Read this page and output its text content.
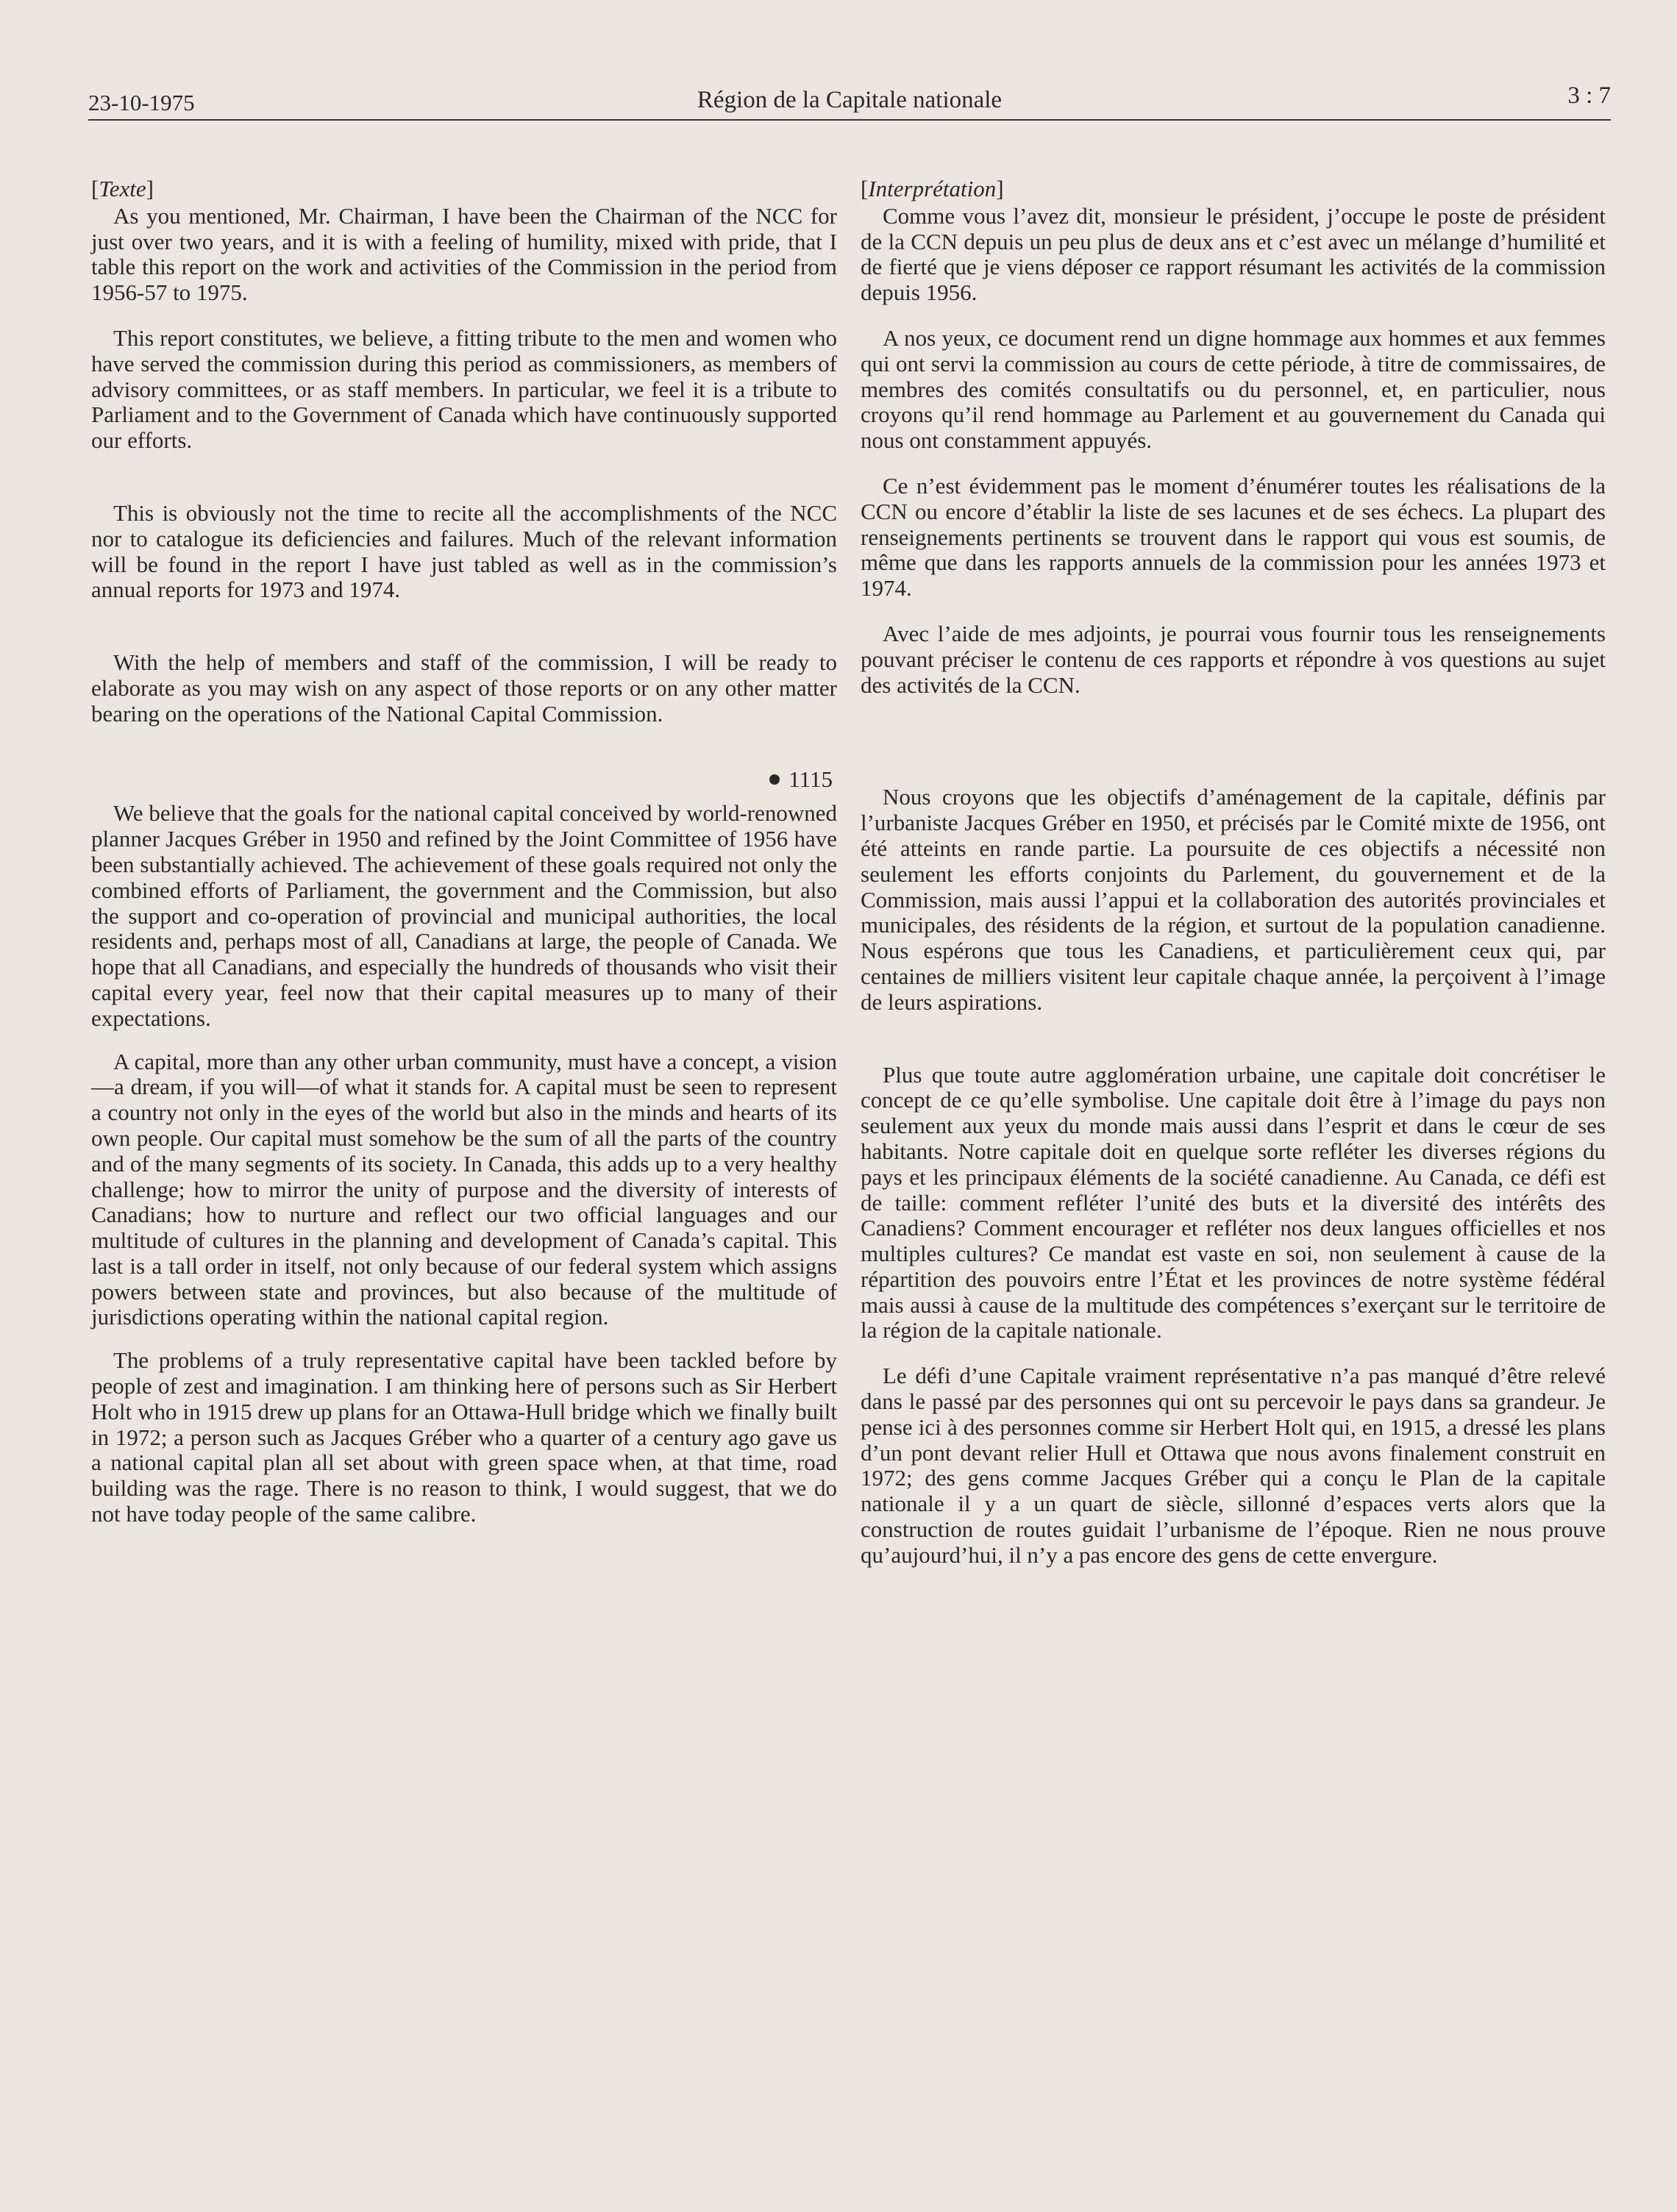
23-10-1975	Région de la Capitale nationale	3 : 7

[Texte]

As you mentioned, Mr. Chairman, I have been the Chairman of the NCC for just over two years, and it is with a feeling of humility, mixed with pride, that I table this report on the work and activities of the Commission in the period from 1956-57 to 1975.

This report constitutes, we believe, a fitting tribute to the men and women who have served the commission during this period as commissioners, as members of advisory committees, or as staff members. In particular, we feel it is a tribute to Parliament and to the Government of Canada which have continuously supported our efforts.

This is obviously not the time to recite all the accomplishments of the NCC nor to catalogue its deficiencies and failures. Much of the relevant information will be found in the report I have just tabled as well as in the commission’s annual reports for 1973 and 1974.

With the help of members and staff of the commission, I will be ready to elaborate as you may wish on any aspect of those reports or on any other matter bearing on the operations of the National Capital Commission.

1115

We believe that the goals for the national capital conceived by world-renowned planner Jacques Gréber in 1950 and refined by the Joint Committee of 1956 have been substantially achieved. The achievement of these goals required not only the combined efforts of Parliament, the government and the Commission, but also the support and co-operation of provincial and municipal authorities, the local residents and, perhaps most of all, Canadians at large, the people of Canada. We hope that all Canadians, and especially the hundreds of thousands who visit their capital every year, feel now that their capital measures up to many of their expectations.

A capital, more than any other urban community, must have a concept, a vision—a dream, if you will—of what it stands for. A capital must be seen to represent a country not only in the eyes of the world but also in the minds and hearts of its own people. Our capital must somehow be the sum of all the parts of the country and of the many segments of its society. In Canada, this adds up to a very healthy challenge; how to mirror the unity of purpose and the diversity of interests of Canadians; how to nurture and reflect our two official languages and our multitude of cultures in the planning and development of Canada’s capital. This last is a tall order in itself, not only because of our federal system which assigns powers between state and provinces, but also because of the multitude of jurisdictions operating within the national capital region.

The problems of a truly representative capital have been tackled before by people of zest and imagination. I am thinking here of persons such as Sir Herbert Holt who in 1915 drew up plans for an Ottawa-Hull bridge which we finally built in 1972; a person such as Jacques Gréber who a quarter of a century ago gave us a national capital plan all set about with green space when, at that time, road building was the rage. There is no reason to think, I would suggest, that we do not have today people of the same calibre.

[Interprétation]

Comme vous l’avez dit, monsieur le président, j’occupe le poste de président de la CCN depuis un peu plus de deux ans et c’est avec un mélange d’humilité et de fierté que je viens déposer ce rapport résumant les activités de la commission depuis 1956.

A nos yeux, ce document rend un digne hommage aux hommes et aux femmes qui ont servi la commission au cours de cette période, à titre de commissaires, de membres des comités consultatifs ou du personnel, et, en particulier, nous croyons qu’il rend hommage au Parlement et au gouvernement du Canada qui nous ont constamment appuyés.

Ce n’est évidemment pas le moment d’énumérer toutes les réalisations de la CCN ou encore d’établir la liste de ses lacunes et de ses échecs. La plupart des renseignements pertinents se trouvent dans le rapport qui vous est soumis, de même que dans les rapports annuels de la commission pour les années 1973 et 1974.

Avec l’aide de mes adjoints, je pourrai vous fournir tous les renseignements pouvant préciser le contenu de ces rapports et répondre à vos questions au sujet des activités de la CCN.

Nous croyons que les objectifs d’aménagement de la capitale, définis par l’urbaniste Jacques Gréber en 1950, et précisés par le Comité mixte de 1956, ont été atteints en rande partie. La poursuite de ces objectifs a nécessité non seulement les efforts conjoints du Parlement, du gouvernement et de la Commission, mais aussi l’appui et la collaboration des autorités provinciales et municipales, des résidents de la région, et surtout de la population canadienne. Nous espérons que tous les Canadiens, et particulièrement ceux qui, par centaines de milliers visitent leur capitale chaque année, la perçoivent à l’image de leurs aspirations.

Plus que toute autre agglomération urbaine, une capitale doit concrétiser le concept de ce qu’elle symbolise. Une capitale doit être à l’image du pays non seulement aux yeux du monde mais aussi dans l’esprit et dans le cœur de ses habitants. Notre capitale doit en quelque sorte refléter les diverses régions du pays et les principaux éléments de la société canadienne. Au Canada, ce défi est de taille: comment refléter l’unité des buts et la diversité des intérêts des Canadiens? Comment encourager et refléter nos deux langues officielles et nos multiples cultures? Ce mandat est vaste en soi, non seulement à cause de la répartition des pouvoirs entre l’État et les provinces de notre système fédéral mais aussi à cause de la multitude des compétences s’exerçant sur le territoire de la région de la capitale nationale.

Le défi d’une Capitale vraiment représentative n’a pas manqué d’être relevé dans le passé par des personnes qui ont su percevoir le pays dans sa grandeur. Je pense ici à des personnes comme sir Herbert Holt qui, en 1915, a dressé les plans d’un pont devant relier Hull et Ottawa que nous avons finalement construit en 1972; des gens comme Jacques Gréber qui a conçu le Plan de la capitale nationale il y a un quart de siècle, sillonné d’espaces verts alors que la construction de routes guidait l’urbanisme de l’époque. Rien ne nous prouve qu’aujourd’hui, il n’y a pas encore des gens de cette envergure.
